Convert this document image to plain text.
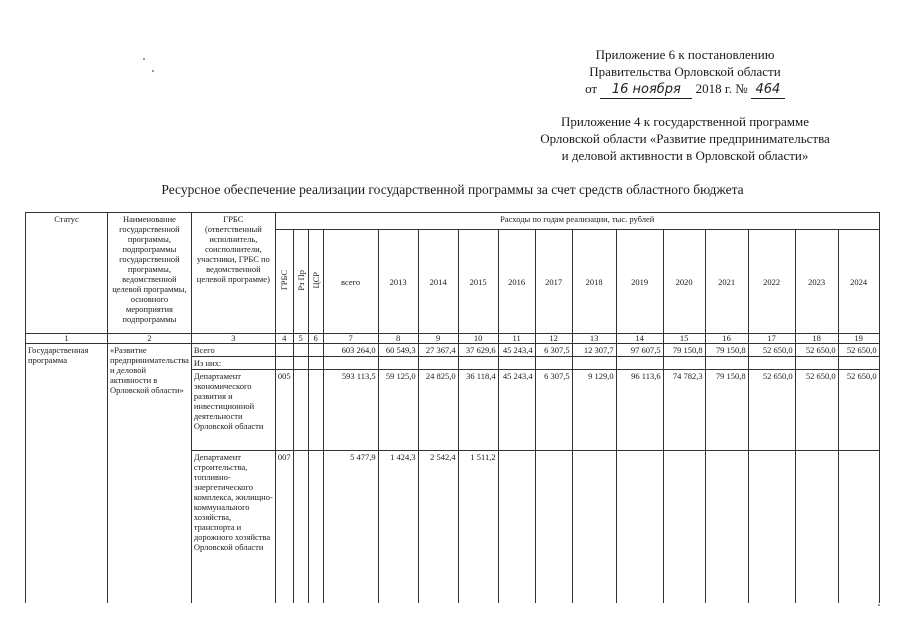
Приложение 6 к постановлению
Правительства Орловской области
от 16 ноября 2018 г. № 464
Приложение 4 к государственной программе
Орловской области «Развитие предпринимательства
и деловой активности в Орловской области»
Ресурсное обеспечение реализации государственной программы за счет средств областного бюджета
Статус	Наименование государственной программы, подпрограммы государственной программы, ведомственной целевой программы, основного мероприятия подпрограммы	ГРБС (ответственный исполнитель, соисполнители, участники, ГРБС по ведомственной целевой программе)	Расходы по годам реализации, тыс. рублей															
			ГРБС	Рз Пр	ЦСР	всего	2013	2014	2015	2016	2017	2018	2019	2020	2021	2022	2023	2024
1	2	3	4	5	6	7	8	9	10	11	12	13	14	15	16	17	18	19
Государственная программа	«Развитие предпринимательства и деловой активности в Орловской области»	Всего				603 264,0	60 549,3	27 367,4	37 629,6	45 243,4	6 307,5	12 307,7	97 607,5	79 150,8	79 150,8	52 650,0	52 650,0	52 650,0
		Из них:																
		Департамент экономического развития и инвестиционной деятельности Орловской области	005			593 113,5	59 125,0	24 825,0	36 118,4	45 243,4	6 307,5	9 129,0	96 113,6	74 782,3	79 150,8	52 650,0	52 650,0	52 650,0
		Департамент строительства, топливно-энергетического комплекса, жилищно-коммунального хозяйства, транспорта и дорожного хозяйства Орловской области	007			5 477,9	1 424,3	2 542,4	1 511,2									
